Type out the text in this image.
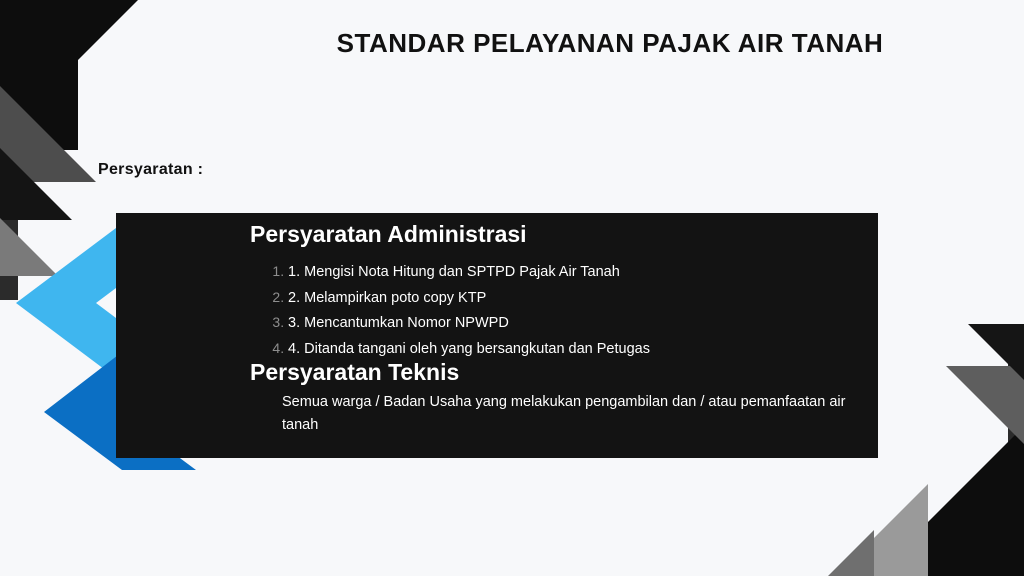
STANDAR PELAYANAN PAJAK AIR TANAH
Persyaratan :
Persyaratan Administrasi
1. 1. Mengisi Nota Hitung dan SPTPD Pajak Air Tanah
2. 2. Melampirkan poto copy KTP
3. 3. Mencantumkan Nomor NPWPD
4. 4. Ditanda tangani oleh yang bersangkutan dan Petugas
Persyaratan Teknis
Semua warga / Badan Usaha yang melakukan pengambilan dan / atau pemanfaatan air tanah
